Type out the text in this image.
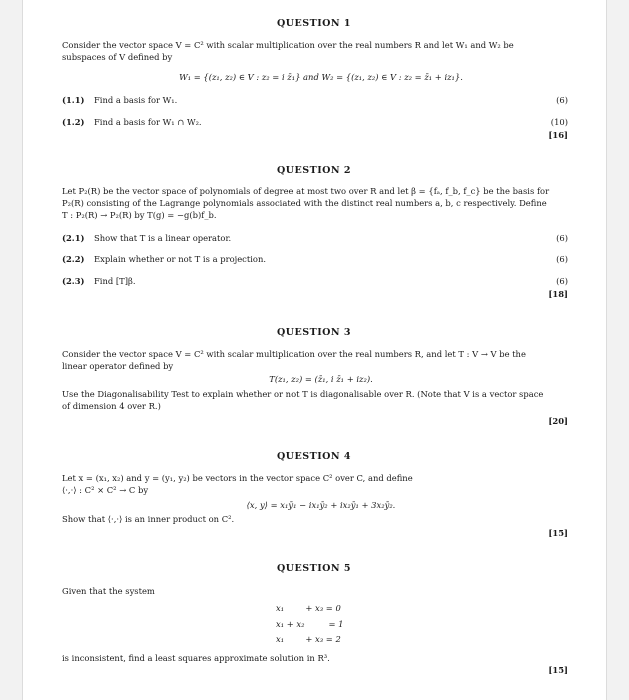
QUESTION 1
Consider the vector space V = C² with scalar multiplication over the real numbers R and let W₁ and W₂ be
subspaces of V defined by
W₁ = {(z₁, z₂) ∈ V : z₂ = i z̄₁} and W₂ = {(z₁, z₂) ∈ V : z₂ = z̄₁ + iz₁}.
(1.1) Find a basis for W₁.	(6)
(1.2) Find a basis for W₁ ∩ W₂.	(10)
[16]
QUESTION 2
Let P₂(R) be the vector space of polynomials of degree at most two over R and let β = {fₐ, f_b, f_c} be the basis for
P₂(R) consisting of the Lagrange polynomials associated with the distinct real numbers a, b, c respectively. Define
T : P₂(R) → P₂(R) by T(g) = −g(b)f_b.
(2.1) Show that T is a linear operator.	(6)
(2.2) Explain whether or not T is a projection.	(6)
(2.3) Find [T]β.	(6)
[18]
QUESTION 3
Consider the vector space V = C² with scalar multiplication over the real numbers R, and let T : V → V be the
linear operator defined by
T(z₁, z₂) = (z̄₁, i z̄₁ + iz₂).
Use the Diagonalisability Test to explain whether or not T is diagonalisable over R. (Note that V is a vector space
of dimension 4 over R.)
[20]
QUESTION 4
Let x = (x₁, x₂) and y = (y₁, y₂) be vectors in the vector space C² over C, and define
⟨·,·⟩ : C² × C² → C by
⟨x, y⟩ = x₁ȳ₁ − ix₁ȳ₂ + ix₂ȳ₁ + 3x₂ȳ₂.
Show that ⟨·,·⟩ is an inner product on C².
[15]
QUESTION 5
Given that the system
x₁        + x₃ = 0
x₁ + x₂         = 1
x₁        + x₃ = 2
is inconsistent, find a least squares approximate solution in R³.
[15]
